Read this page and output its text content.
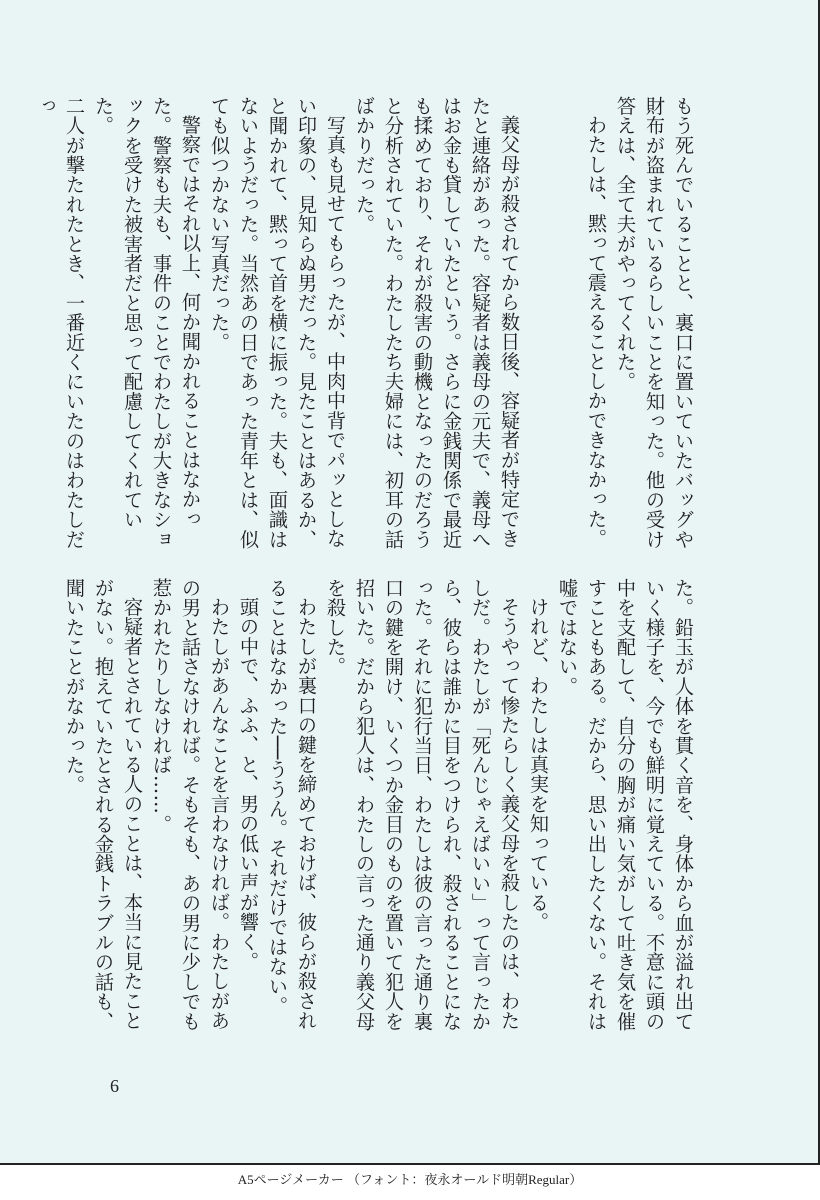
もう死んでいることと、裏口に置いていたバッグや財布が盗まれているらしいことを知った。他の受け答えは、全て夫がやってくれた。

わたしは、黙って震えることしかできなかった。

義父母が殺されてから数日後、容疑者が特定できたと連絡があった。容疑者は義母の元夫で、義母へはお金も貸していたという。さらに金銭関係で最近も揉めており、それが殺害の動機となったのだろうと分析されていた。わたしたち夫婦には、初耳の話ばかりだった。

写真も見せてもらったが、中肉中背でパッとしない印象の、見知らぬ男だった。見たことはあるか、と聞かれて、黙って首を横に振った。夫も、面識はないようだった。当然あの日であった青年とは、似ても似つかない写真だった。

警察ではそれ以上、何か聞かれることはなかった。警察も夫も、事件のことでわたしが大きなショックを受けた被害者だと思って配慮してくれていた。

二人が撃たれたとき、一番近くにいたのはわたしだっ

た。鉛玉が人体を貫く音を、身体から血が溢れ出ていく様子を、今でも鮮明に覚えている。不意に頭の中を支配して、自分の胸が痛い気がして吐き気を催すこともある。だから、思い出したくない。それは嘘ではない。

けれど、わたしは真実を知っている。

そうやって惨たらしく義父母を殺したのは、わたしだ。わたしが「死んじゃえばいい」って言ったから、彼らは誰かに目をつけられ、殺されることになった。それに犯行当日、わたしは彼の言った通り裏口の鍵を開け、いくつか金目のものを置いて犯人を招いた。だから犯人は、わたしの言った通り義父母を殺した。

わたしが裏口の鍵を締めておけば、彼らが殺されることはなかった──ううん。それだけではない。

頭の中で、ふふ、と、男の低い声が響く。

わたしがあんなことを言わなければ。わたしがあの男と話さなければ。そもそも、あの男に少しでも惹かれたりしなければ……。

容疑者とされている人のことは、本当に見たことがない。抱えていたとされる金銭トラブルの話も、聞いたことがなかった。

6
A5ページメーカー （フォント：夜永オールド明朝Regular）
